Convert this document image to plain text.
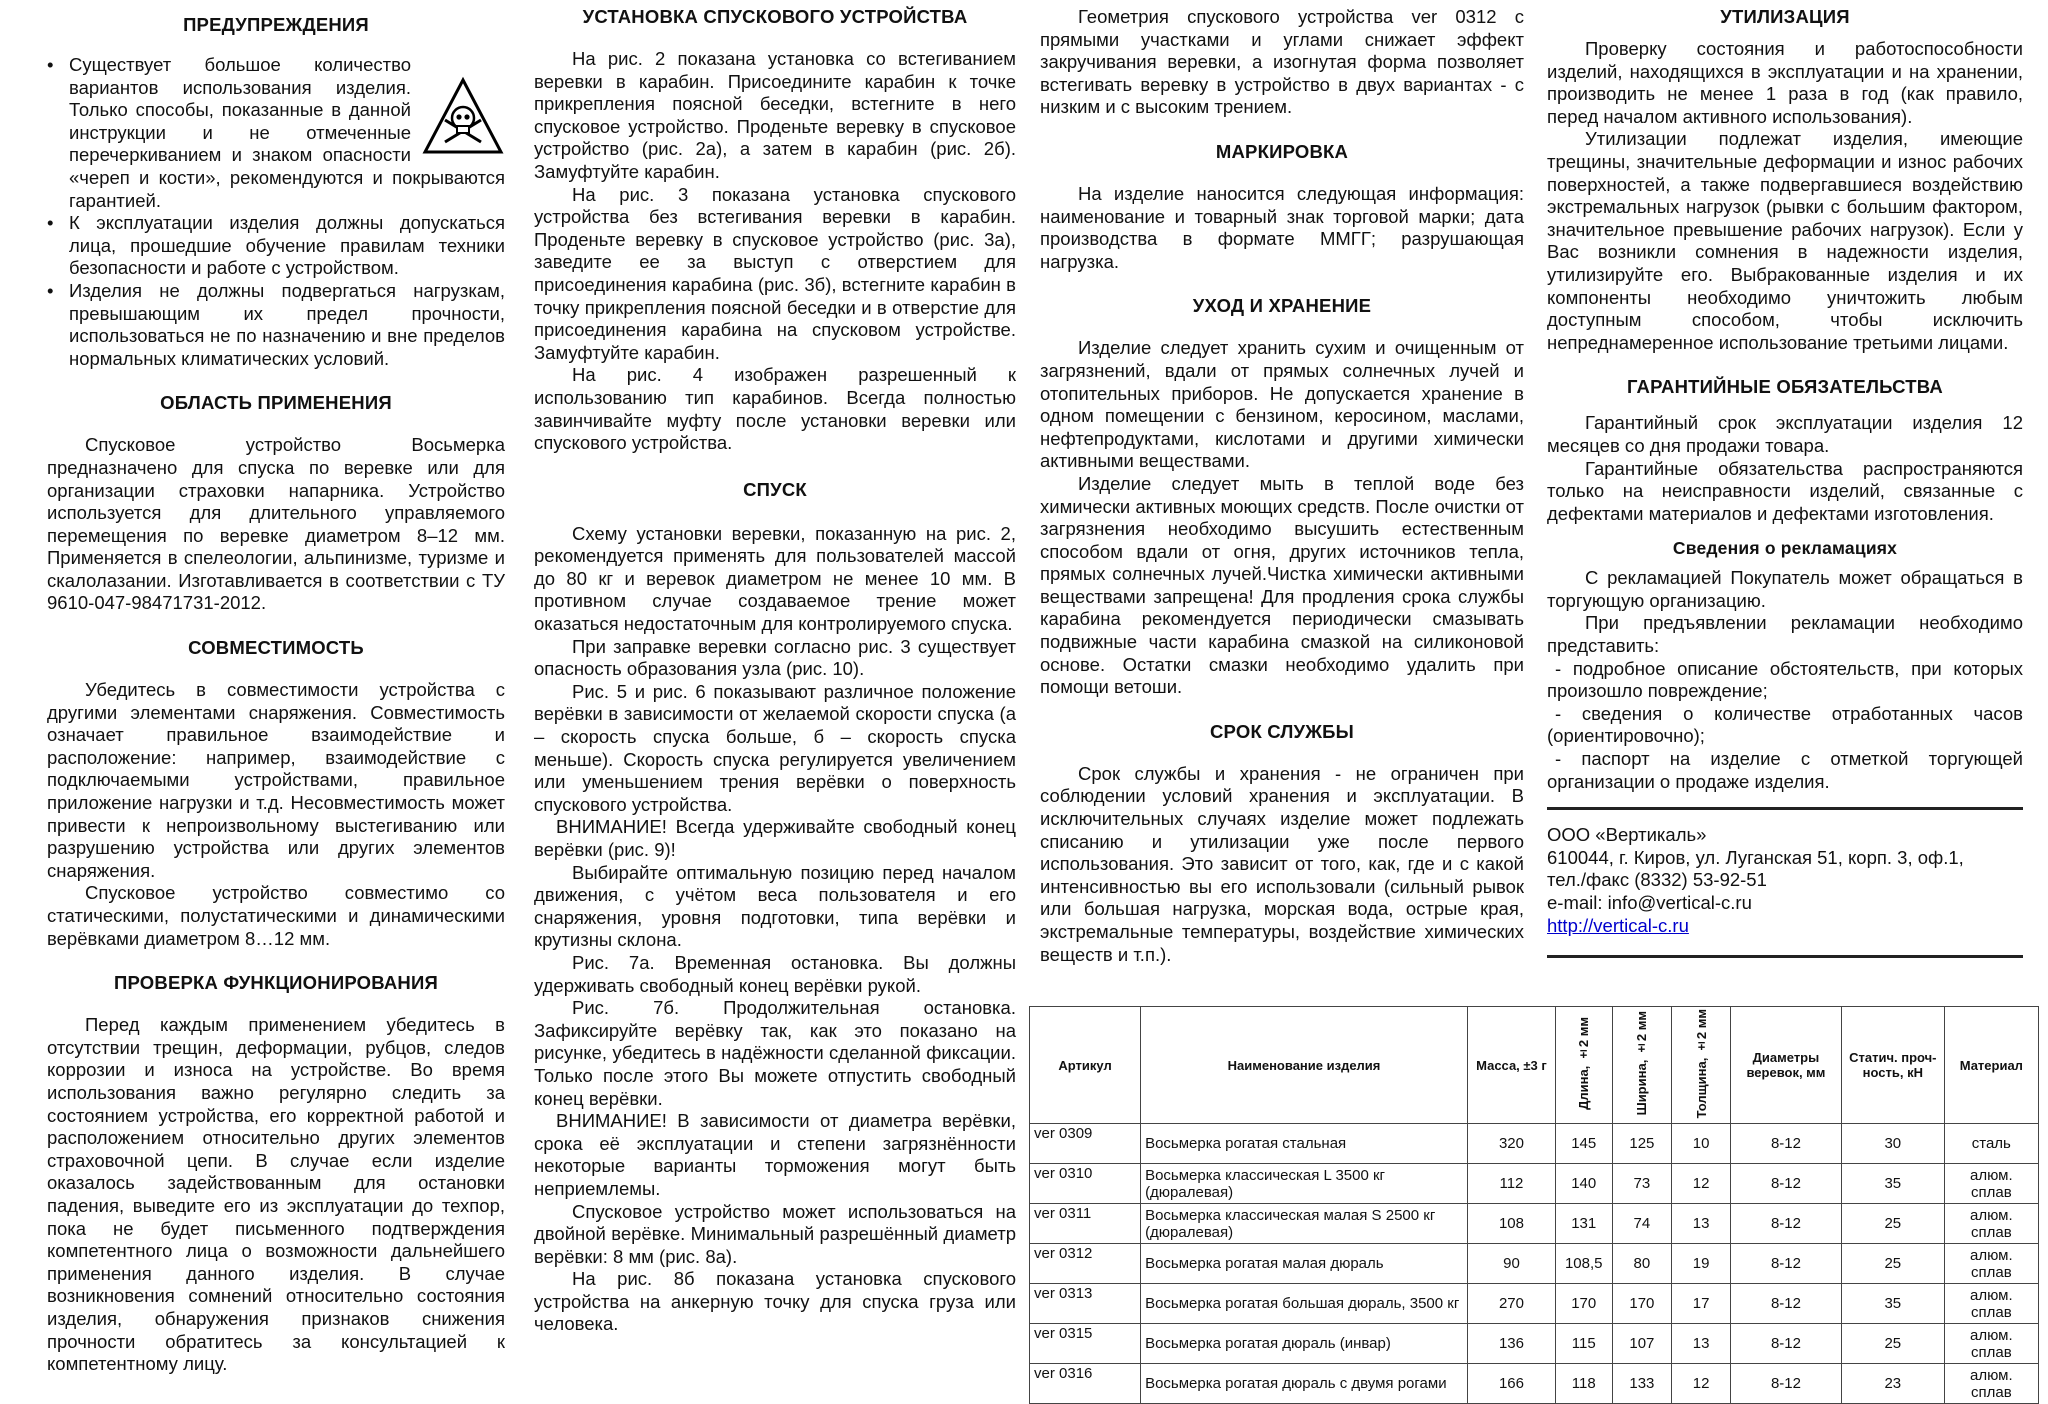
ПРЕДУПРЕЖДЕНИЯ
• Существует большое количество вариантов использования изделия. Только способы, показанные в данной инструкции и не отмеченные перечеркиванием и знаком опасности «череп и кости», рекомендуются и покрываются гарантией.
• К эксплуатации изделия должны допускаться лица, прошедшие обучение правилам техники безопасности и работе с устройством.
• Изделия не должны подвергаться нагрузкам, превышающим их предел прочности, использоваться не по назначению и вне пределов нормальных климатических условий.
ОБЛАСТЬ ПРИМЕНЕНИЯ

Спусковое устройство Восьмерка предназначено для спуска по веревке или для организации страховки напарника. Устройство используется для длительного управляемого перемещения по веревке диаметром 8–12 мм. Применяется в спелеологии, альпинизме, туризме и скалолазании. Изготавливается в соответствии с ТУ 9610-047-98471731-2012.

СОВМЕСТИМОСТЬ

Убедитесь в совместимости устройства с другими элементами снаряжения. Совместимость означает правильное взаимодействие и расположение: например, взаимодействие с подключаемыми устройствами, правильное приложение нагрузки и т.д. Несовместимость может привести к непроизвольному выстегиванию или разрушению устройства или других элементов снаряжения.

Спусковое устройство совместимо со статическими, полустатическими и динамическими верёвками диаметром 8…12 мм.

ПРОВЕРКА ФУНКЦИОНИРОВАНИЯ

Перед каждым применением убедитесь в отсутствии трещин, деформации, рубцов, следов коррозии и износа на устройстве. Во время использования важно регулярно следить за состоянием устройства, его корректной работой и расположением относительно других элементов страховочной цепи. В случае если изделие оказалось задействованным для остановки падения, выведите его из эксплуатации до техпор, пока не будет письменного подтверждения компетентного лица о возможности дальнейшего применения данного изделия. В случае возникновения сомнений относительно состояния изделия, обнаружения признаков снижения прочности обратитесь за консультацией к компетентному лицу.

УСТАНОВКА СПУСКОВОГО УСТРОЙСТВА

На рис. 2 показана установка со встегиванием веревки в карабин. Присоедините карабин к точке прикрепления поясной беседки, встегните в него спусковое устройство. Проденьте веревку в спусковое устройство (рис. 2а), а затем в карабин (рис. 2б). Замуфтуйте карабин.

На рис. 3 показана установка спускового устройства без встегивания веревки в карабин. Проденьте веревку в спусковое устройство (рис. 3а), заведите ее за выступ с отверстием для присоединения карабина (рис. 3б), встегните карабин в точку прикрепления поясной беседки и в отверстие для присоединения карабина на спусковом устройстве. Замуфтуйте карабин.

На рис. 4 изображен разрешенный к использованию тип карабинов. Всегда полностью завинчивайте муфту после установки веревки или спускового устройства.

СПУСК

Схему установки веревки, показанную на рис. 2, рекомендуется применять для пользователей массой до 80 кг и веревок диаметром не менее 10 мм. В противном случае создаваемое трение может оказаться недостаточным для контролируемого спуска.

При заправке веревки согласно рис. 3 существует опасность образования узла (рис. 10).

Рис. 5 и рис. 6 показывают различное положение верёвки в зависимости от желаемой скорости спуска (а – скорость спуска больше, б – скорость спуска меньше). Скорость спуска регулируется увеличением или уменьшением трения верёвки о поверхность спускового устройства.

ВНИМАНИЕ! Всегда удерживайте свободный конец верёвки (рис. 9)!

Выбирайте оптимальную позицию перед началом движения, с учётом веса пользователя и его снаряжения, уровня подготовки, типа верёвки и крутизны склона.

Рис. 7а. Временная остановка. Вы должны удерживать свободный конец верёвки рукой.

Рис. 7б. Продолжительная остановка. Зафиксируйте верёвку так, как это показано на рисунке, убедитесь в надёжности сделанной фиксации. Только после этого Вы можете отпустить свободный конец верёвки.

ВНИМАНИЕ! В зависимости от диаметра верёвки, срока её эксплуатации и степени загрязнённости некоторые варианты торможения могут быть неприемлемы.

Спусковое устройство может использоваться на двойной верёвке. Минимальный разрешённый диаметр верёвки: 8 мм (рис. 8а).

На рис. 8б показана установка спускового устройства на анкерную точку для спуска груза или человека.

Геометрия спускового устройства ver 0312 с прямыми участками и углами снижает эффект закручивания веревки, а изогнутая форма позволяет встегивать веревку в устройство в двух вариантах - с низким и с высоким трением.

МАРКИРОВКА

На изделие наносится следующая информация: наименование и товарный знак торговой марки; дата производства в формате ММГГ; разрушающая нагрузка.

УХОД И ХРАНЕНИЕ

Изделие следует хранить сухим и очищенным от загрязнений, вдали от прямых солнечных лучей и отопительных приборов. Не допускается хранение в одном помещении с бензином, керосином, маслами, нефтепродуктами, кислотами и другими химически активными веществами.

Изделие следует мыть в теплой воде без химически активных моющих средств. После очистки от загрязнения необходимо высушить естественным способом вдали от огня, других источников тепла, прямых солнечных лучей.Чистка химически активными веществами запрещена! Для продления срока службы карабина рекомендуется периодически смазывать подвижные части карабина смазкой на силиконовой основе. Остатки смазки необходимо удалить при помощи ветоши.

СРОК СЛУЖБЫ

Срок службы и хранения - не ограничен при соблюдении условий хранения и эксплуатации. В исключительных случаях изделие может подлежать списанию и утилизации уже после первого использования. Это зависит от того, как, где и с какой интенсивностью вы его использовали (сильный рывок или большая нагрузка, морская вода, острые края, экстремальные температуры, воздействие химических веществ и т.п.).

УТИЛИЗАЦИЯ

Проверку состояния и работоспособности изделий, находящихся в эксплуатации и на хранении, производить не менее 1 раза в год (как правило, перед началом активного использования).

Утилизации подлежат изделия, имеющие трещины, значительные деформации и износ рабочих поверхностей, а также подвергавшиеся воздействию экстремальных нагрузок (рывки с большим фактором, значительное превышение рабочих нагрузок). Если у Вас возникли сомнения в надежности изделия, утилизируйте его. Выбракованные изделия и их компоненты необходимо уничтожить любым доступным способом, чтобы исключить непреднамеренное использование третьими лицами.

ГАРАНТИЙНЫЕ ОБЯЗАТЕЛЬСТВА

Гарантийный срок эксплуатации изделия 12 месяцев со дня продажи товара.

Гарантийные обязательства распространяются только на неисправности изделий, связанные с дефектами материалов и дефектами изготовления.

Сведения о рекламациях

С рекламацией Покупатель может обращаться в торгующую организацию.

При предъявлении рекламации необходимо представить:

- подробное описание обстоятельств, при которых произошло повреждение;

- сведения о количестве отработанных часов (ориентировочно);

- паспорт на изделие с отметкой торгующей организации о продаже изделия.

ООО «Вертикаль»
610044, г. Киров, ул. Луганская 51, корп. 3, оф.1,
тел./факс (8332) 53-92-51
e-mail: info@vertical-c.ru
http://vertical-c.ru
Артикул	Наименование изделия	Масса, ±3 г	Длина, ±2 мм	Ширина, ±2 мм	Толщина, ±2 мм	Диаметры веревок, мм	Статич. проч- ность, кН	Материал
ver 0309	Восьмерка рогатая стальная	320	145	125	10	8-12	30	сталь
ver 0310	Восьмерка классическая L 3500 кг (дюралевая)	112	140	73	12	8-12	35	алюм. сплав
ver 0311	Восьмерка классическая малая S 2500 кг (дюралевая)	108	131	74	13	8-12	25	алюм. сплав
ver 0312	Восьмерка рогатая малая дюраль	90	108,5	80	19	8-12	25	алюм. сплав
ver 0313	Восьмерка рогатая большая дюраль, 3500 кг	270	170	170	17	8-12	35	алюм. сплав
ver 0315	Восьмерка рогатая дюраль (инвар)	136	115	107	13	8-12	25	алюм. сплав
ver 0316	Восьмерка рогатая дюраль с двумя рогами	166	118	133	12	8-12	23	алюм. сплав
